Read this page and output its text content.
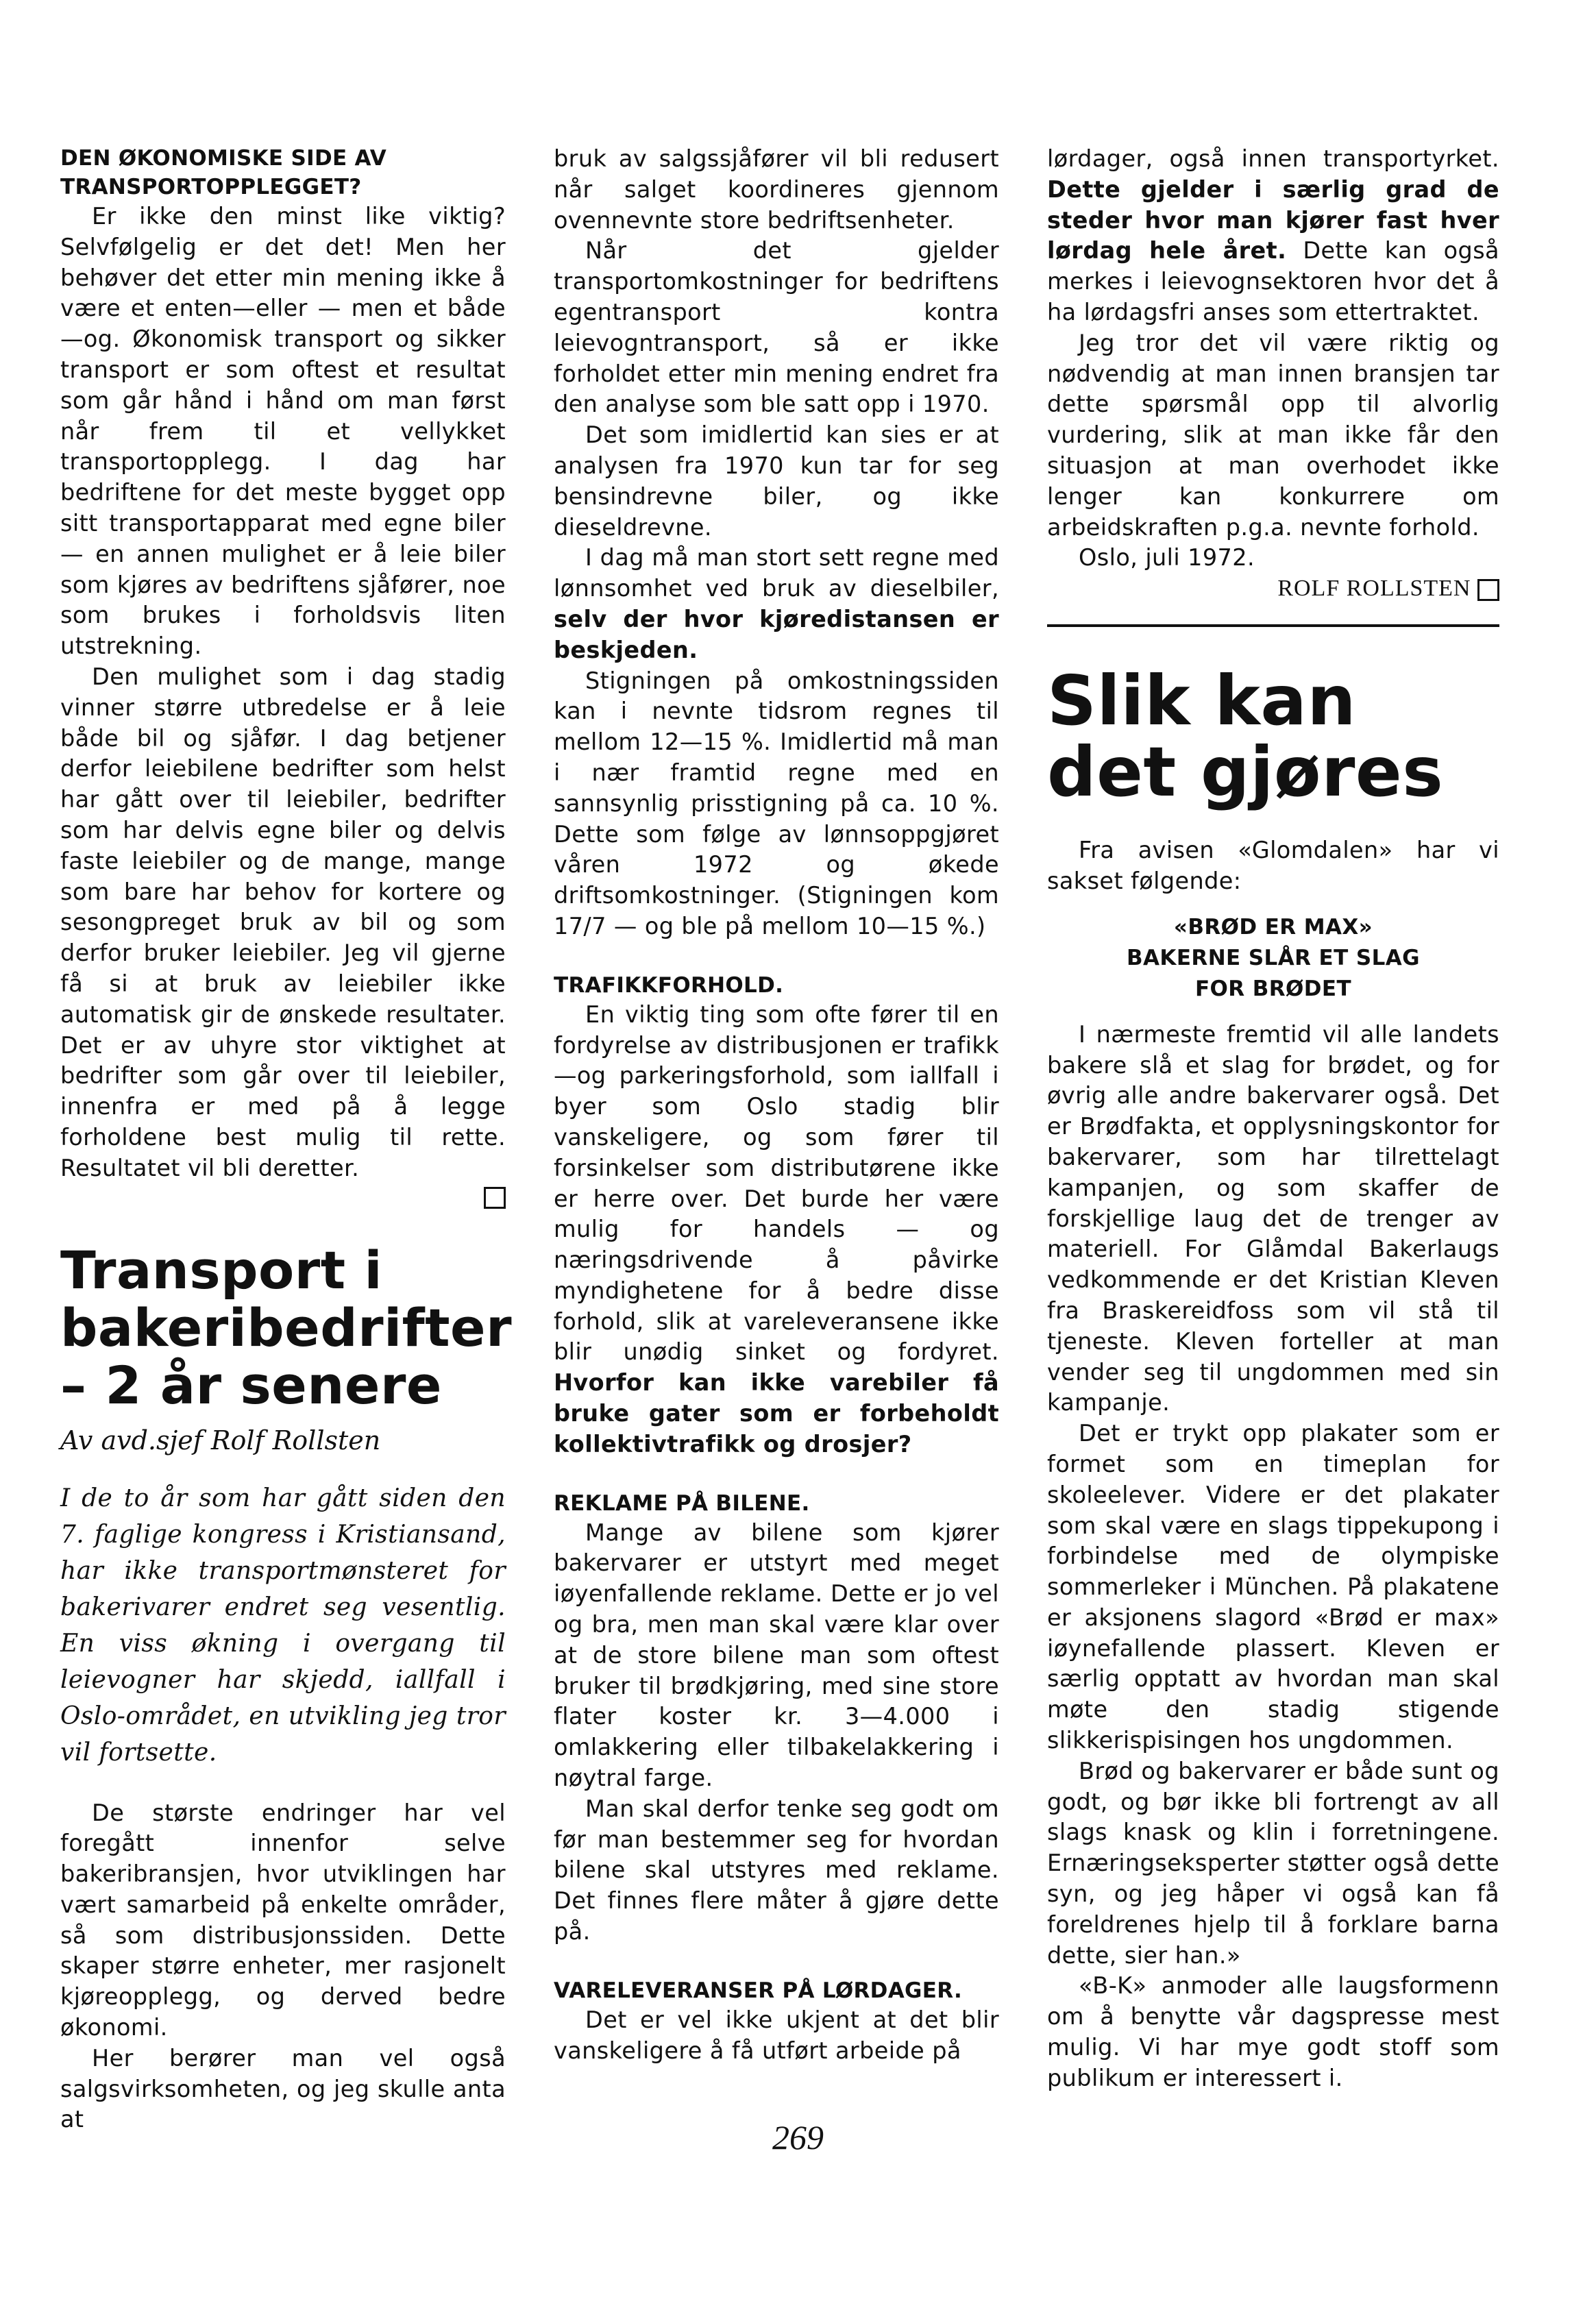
DEN ØKONOMISKE SIDE AV TRANSPORTOPPLEGGET?

Er ikke den minst like viktig? Selvfølgelig er det det! Men her behøver det etter min mening ikke å være et enten—eller — men et både —og. Økonomisk transport og sikker transport er som oftest et resultat som går hånd i hånd om man først når frem til et vellykket transportopplegg. I dag har bedriftene for det meste bygget opp sitt transportapparat med egne biler — en annen mulighet er å leie biler som kjøres av bedriftens sjåfører, noe som brukes i forholdsvis liten utstrekning.

Den mulighet som i dag stadig vinner større utbredelse er å leie både bil og sjåfør. I dag betjener derfor leiebilene bedrifter som helst har gått over til leiebiler, bedrifter som har delvis egne biler og delvis faste leiebiler og de mange, mange som bare har behov for kortere og sesongpreget bruk av bil og som derfor bruker leiebiler. Jeg vil gjerne få si at bruk av leiebiler ikke automatisk gir de ønskede resultater. Det er av uhyre stor viktighet at bedrifter som går over til leiebiler, innenfra er med på å legge forholdene best mulig til rette. Resultatet vil bli deretter.

Transport i bakeribedrifter – 2 år senere
Av avd.sjef Rolf Rollsten

I de to år som har gått siden den 7. faglige kongress i Kristiansand, har ikke transportmønsteret for bakerivarer endret seg vesentlig. En viss økning i overgang til leievogner har skjedd, iallfall i Oslo-området, en utvikling jeg tror vil fortsette.

De største endringer har vel foregått innenfor selve bakeribransjen, hvor utviklingen har vært samarbeid på enkelte områder, så som distribusjonssiden. Dette skaper større enheter, mer rasjonelt kjøreopplegg, og derved bedre økonomi.

Her berører man vel også salgsvirksomheten, og jeg skulle anta at

bruk av salgssjåfører vil bli redusert når salget koordineres gjennom ovennevnte store bedriftsenheter.

Når det gjelder transportomkostninger for bedriftens egentransport kontra leievogntransport, så er ikke forholdet etter min mening endret fra den analyse som ble satt opp i 1970.

Det som imidlertid kan sies er at analysen fra 1970 kun tar for seg bensindrevne biler, og ikke dieseldrevne.

I dag må man stort sett regne med lønnsomhet ved bruk av dieselbiler, selv der hvor kjøredistansen er beskjeden.

Stigningen på omkostningssiden kan i nevnte tidsrom regnes til mellom 12—15 %. Imidlertid må man i nær framtid regne med en sannsynlig prisstigning på ca. 10 %. Dette som følge av lønnsoppgjøret våren 1972 og økede driftsomkostninger. (Stigningen kom 17/7 — og ble på mellom 10—15 %.)

TRAFIKKFORHOLD.

En viktig ting som ofte fører til en fordyrelse av distribusjonen er trafikk—og parkeringsforhold, som iallfall i byer som Oslo stadig blir vanskeligere, og som fører til forsinkelser som distributørene ikke er herre over. Det burde her være mulig for handels — og næringsdrivende å påvirke myndighetene for å bedre disse forhold, slik at vareleveransene ikke blir unødig sinket og fordyret. Hvorfor kan ikke varebiler få bruke gater som er forbeholdt kollektivtrafikk og drosjer?

REKLAME PÅ BILENE.

Mange av bilene som kjører bakervarer er utstyrt med meget iøyenfallende reklame. Dette er jo vel og bra, men man skal være klar over at de store bilene man som oftest bruker til brødkjøring, med sine store flater koster kr. 3—4.000 i omlakkering eller tilbakelakkering i nøytral farge.

Man skal derfor tenke seg godt om før man bestemmer seg for hvordan bilene skal utstyres med reklame. Det finnes flere måter å gjøre dette på.

VARELEVERANSER PÅ LØRDAGER.

Det er vel ikke ukjent at det blir vanskeligere å få utført arbeide på

lørdager, også innen transportyrket. Dette gjelder i særlig grad de steder hvor man kjører fast hver lørdag hele året. Dette kan også merkes i leievognsektoren hvor det å ha lørdagsfri anses som ettertraktet.

Jeg tror det vil være riktig og nødvendig at man innen bransjen tar dette spørsmål opp til alvorlig vurdering, slik at man ikke får den situasjon at man overhodet ikke lenger kan konkurrere om arbeidskraften p.g.a. nevnte forhold.

Oslo, juli 1972.

ROLF ROLLSTEN
Slik kan det gjøres

Fra avisen «Glomdalen» har vi sakset følgende:

«BRØD ER MAX»

BAKERNE SLÅR ET SLAG

FOR BRØDET

I nærmeste fremtid vil alle landets bakere slå et slag for brødet, og for øvrig alle andre bakervarer også. Det er Brødfakta, et opplysningskontor for bakervarer, som har tilrettelagt kampanjen, og som skaffer de forskjellige laug det de trenger av materiell. For Glåmdal Bakerlaugs vedkommende er det Kristian Kleven fra Braskereidfoss som vil stå til tjeneste. Kleven forteller at man vender seg til ungdommen med sin kampanje.

Det er trykt opp plakater som er formet som en timeplan for skoleelever. Videre er det plakater som skal være en slags tippekupong i forbindelse med de olympiske sommerleker i München. På plakatene er aksjonens slagord «Brød er max» iøynefallende plassert. Kleven er særlig opptatt av hvordan man skal møte den stadig stigende slikkerispisingen hos ungdommen.

Brød og bakervarer er både sunt og godt, og bør ikke bli fortrengt av all slags knask og klin i forretningene. Ernæringseksperter støtter også dette syn, og jeg håper vi også kan få foreldrenes hjelp til å forklare barna dette, sier han.»

«B-K» anmoder alle laugsformenn om å benytte vår dagspresse mest mulig. Vi har mye godt stoff som publikum er interessert i.

269
